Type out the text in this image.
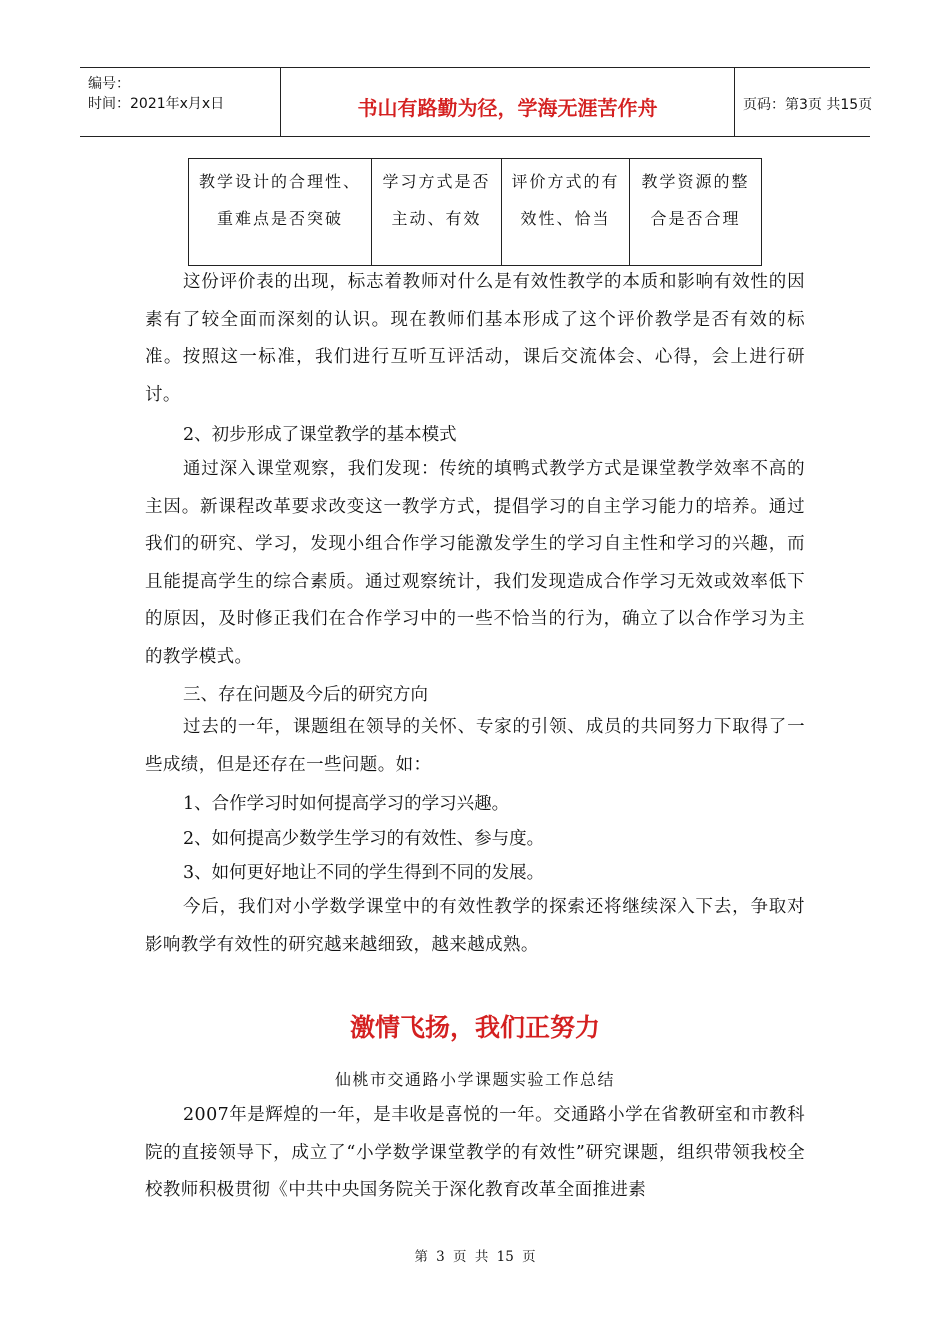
编号：
时间：2021年x月x日	书山有路勤为径，学海无涯苦作舟	页码：第3页 共15页
教学设计的合理性、重难点是否突破	学习方式是否主动、有效	评价方式的有效性、恰当	教学资源的整合是否合理
这份评价表的出现，标志着教师对什么是有效性教学的本质和影响有效性的因素有了较全面而深刻的认识。现在教师们基本形成了这个评价教学是否有效的标准。按照这一标准，我们进行互听互评活动，课后交流体会、心得，会上进行研讨。
2、初步形成了课堂教学的基本模式
通过深入课堂观察，我们发现：传统的填鸭式教学方式是课堂教学效率不高的主因。新课程改革要求改变这一教学方式，提倡学习的自主学习能力的培养。通过我们的研究、学习，发现小组合作学习能激发学生的学习自主性和学习的兴趣，而且能提高学生的综合素质。通过观察统计，我们发现造成合作学习无效或效率低下的原因，及时修正我们在合作学习中的一些不恰当的行为，确立了以合作学习为主的教学模式。
三、存在问题及今后的研究方向
过去的一年，课题组在领导的关怀、专家的引领、成员的共同努力下取得了一些成绩，但是还存在一些问题。如：
1、合作学习时如何提高学习的学习兴趣。
2、如何提高少数学生学习的有效性、参与度。
3、如何更好地让不同的学生得到不同的发展。
今后，我们对小学数学课堂中的有效性教学的探索还将继续深入下去，争取对影响教学有效性的研究越来越细致，越来越成熟。
激情飞扬，我们正努力
仙桃市交通路小学课题实验工作总结
2007年是辉煌的一年，是丰收是喜悦的一年。交通路小学在省教研室和市教科院的直接领导下，成立了“小学数学课堂教学的有效性”研究课题，组织带领我校全校教师积极贯彻《中共中央国务院关于深化教育改革全面推进素
第 3 页 共 15 页
